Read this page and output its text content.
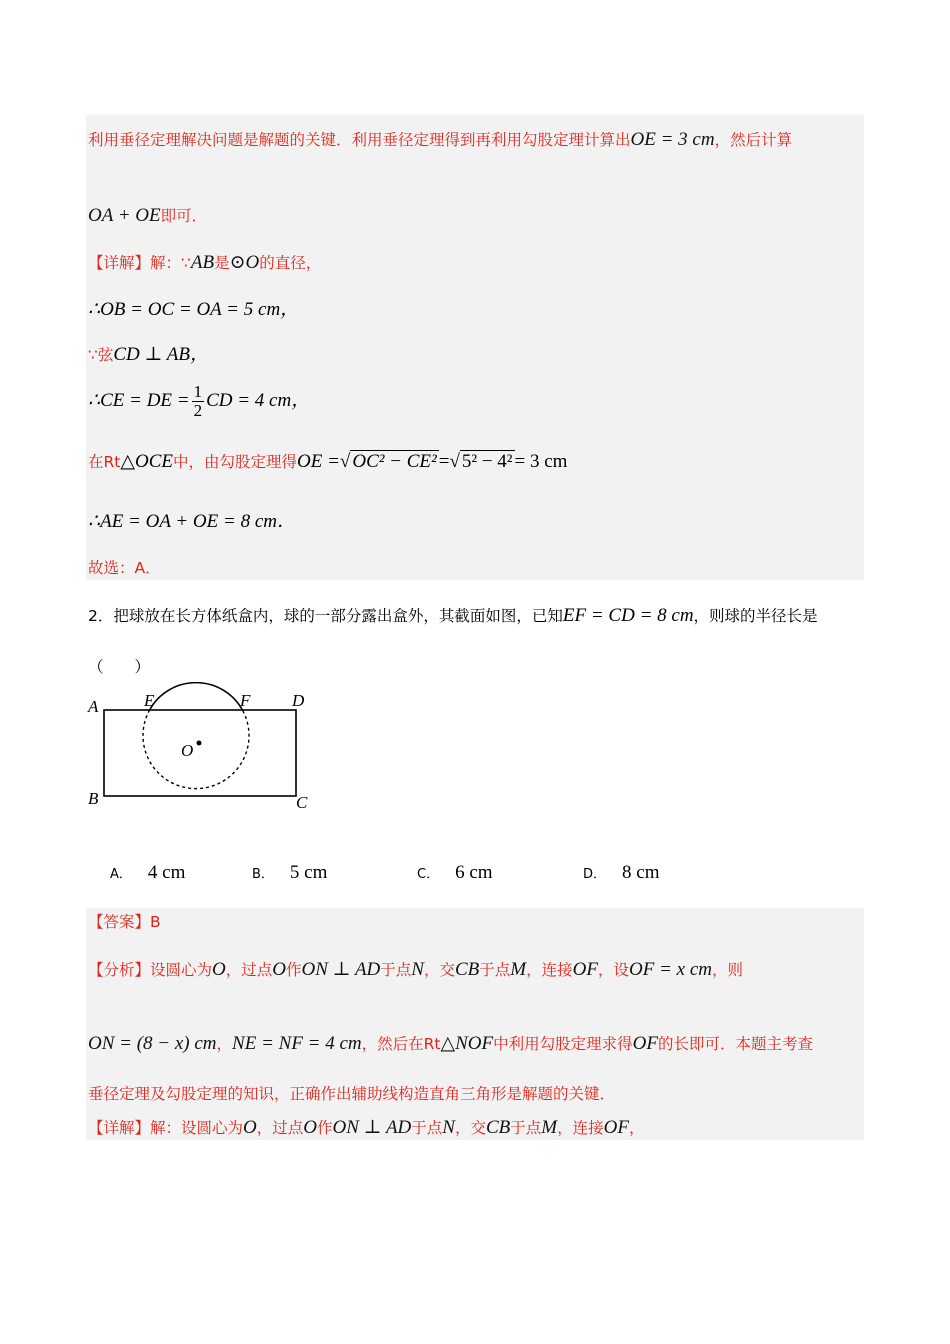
利用垂径定理解决问题是解题的关键．利用垂径定理得到再利用勾股定理计算出OE = 3 cm，然后计算
OA + OE即可．
【详解】解：∵AB是⊙O的直径，
∴OB = OC = OA = 5 cm，
∵弦CD ⊥ AB，
∴CE = DE = $\frac{1}{2}$ CD = 4 cm，
在Rt△OCE中，由勾股定理得OE =√ OC² − CE² =√ 5² − 4² = 3 cm
∴AE = OA + OE = 8 cm．
故选：A．
2．把球放在长方体纸盒内，球的一部分露出盒外，其截面如图，已知EF = CD = 8 cm，则球的半径长是
（　　）
A
B	C
D
E	F
O
A． 4 cm	B． 5 cm	C． 6 cm	D． 8 cm
【答案】B
【分析】设圆心为O，过点O作ON ⊥ AD于点N，交CB于点M，连接OF，设OF = x cm，则
ON = (8 − x) cm，NE = NF = 4 cm，然后在Rt△NOF中利用勾股定理求得OF的长即可．本题主考查
垂径定理及勾股定理的知识，正确作出辅助线构造直角三角形是解题的关键．
【详解】解：设圆心为O，过点O作ON ⊥ AD于点N，交CB于点M，连接OF，
